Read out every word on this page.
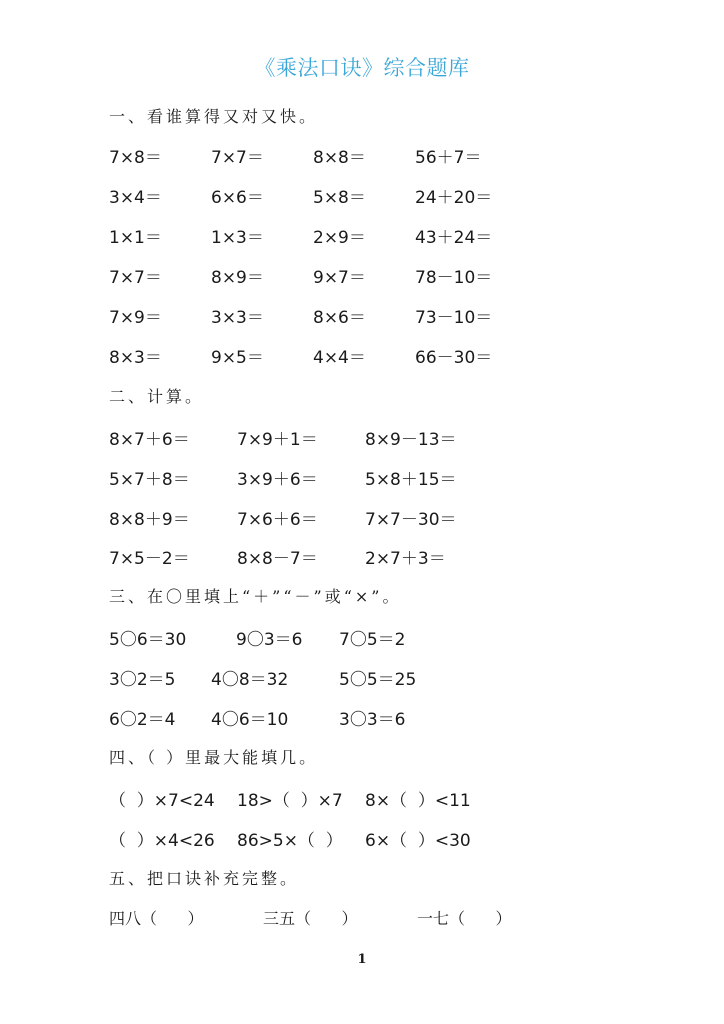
《乘法口诀》综合题库
一、看谁算得又对又快。
7×8＝	7×7＝	8×8＝	56＋7＝
3×4＝	6×6＝	5×8＝	24＋20＝
1×1＝	1×3＝	2×9＝	43＋24＝
7×7＝	8×9＝	9×7＝	78－10＝
7×9＝	3×3＝	8×6＝	73－10＝
8×3＝	9×5＝	4×4＝	66－30＝
二、计算。
8×7＋6＝	7×9＋1＝	8×9－13＝
5×7＋8＝	3×9＋6＝	5×8＋15＝
8×8＋9＝	7×6＋6＝	7×7－30＝
7×5－2＝	8×8－7＝	2×7＋3＝
三、在〇里填上“＋”“－”或“×”。
5〇6＝30	9〇3＝6 7〇5＝2
3〇2＝5 4〇8＝32	5〇5＝25
6〇2＝4 4〇6＝10	3〇3＝6
四、（ ）里最大能填几。
（  ）×7<24 18>（  ）×7 8×（  ）<11
（  ）×4<26 86>5×（  ） 6×（  ）<30
五、把口诀补充完整。
四八（      ）	三五（      ）	一七（      ）
1
